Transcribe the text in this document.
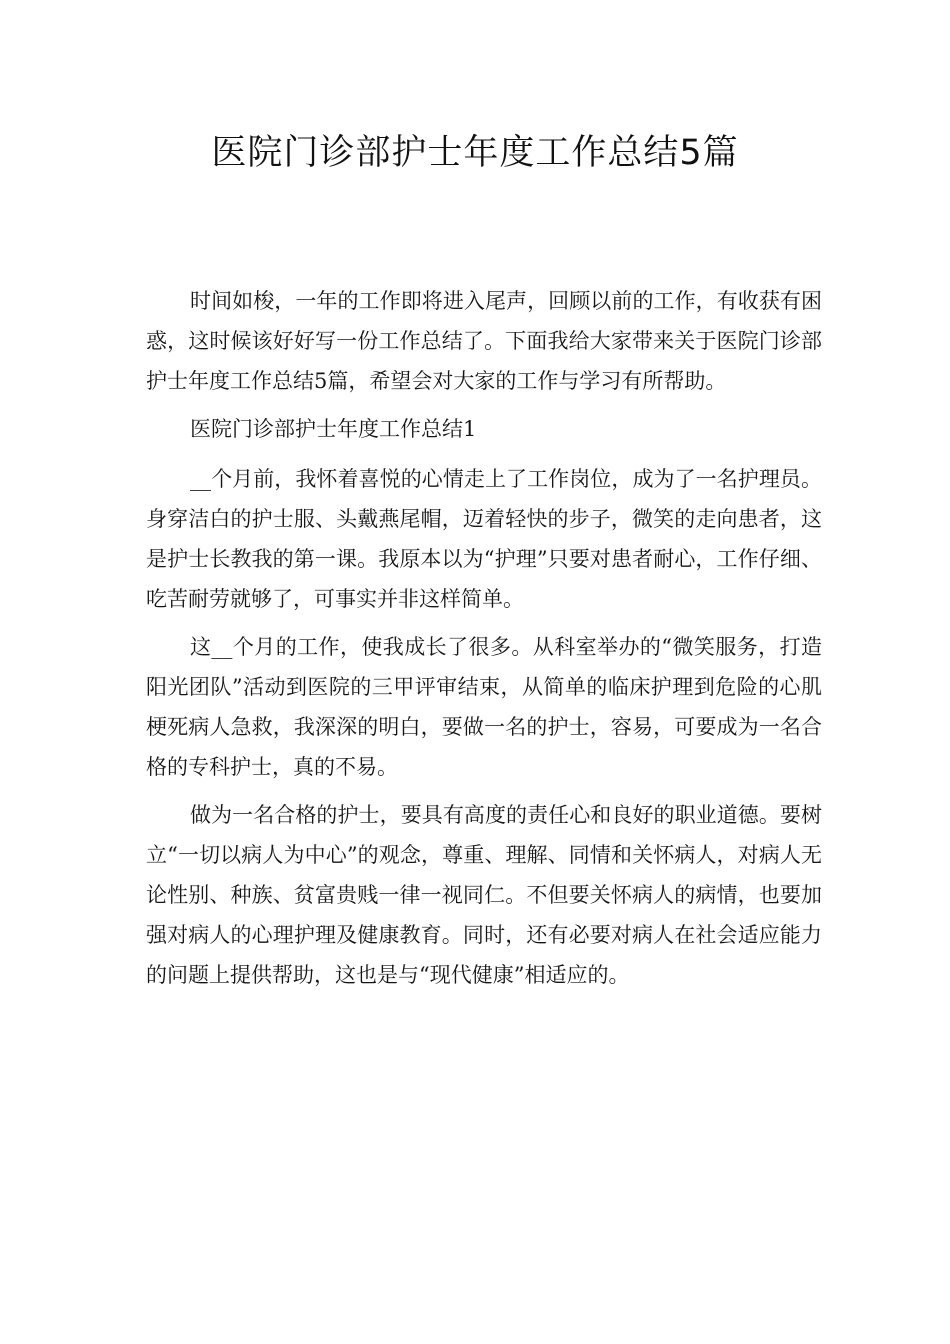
医院门诊部护士年度工作总结5篇

时间如梭，一年的工作即将进入尾声，回顾以前的工作，有收获有困惑，这时候该好好写一份工作总结了。下面我给大家带来关于医院门诊部护士年度工作总结5篇，希望会对大家的工作与学习有所帮助。

医院门诊部护士年度工作总结1

__个月前，我怀着喜悦的心情走上了工作岗位，成为了一名护理员。身穿洁白的护士服、头戴燕尾帽，迈着轻快的步子，微笑的走向患者，这是护士长教我的第一课。我原本以为“护理”只要对患者耐心，工作仔细、吃苦耐劳就够了，可事实并非这样简单。

这__个月的工作，使我成长了很多。从科室举办的“微笑服务，打造阳光团队”活动到医院的三甲评审结束，从简单的临床护理到危险的心肌梗死病人急救，我深深的明白，要做一名的护士，容易，可要成为一名合格的专科护士，真的不易。

做为一名合格的护士，要具有高度的责任心和良好的职业道德。要树立“一切以病人为中心”的观念，尊重、理解、同情和关怀病人，对病人无论性别、种族、贫富贵贱一律一视同仁。不但要关怀病人的病情，也要加强对病人的心理护理及健康教育。同时，还有必要对病人在社会适应能力的问题上提供帮助，这也是与“现代健康”相适应的。
